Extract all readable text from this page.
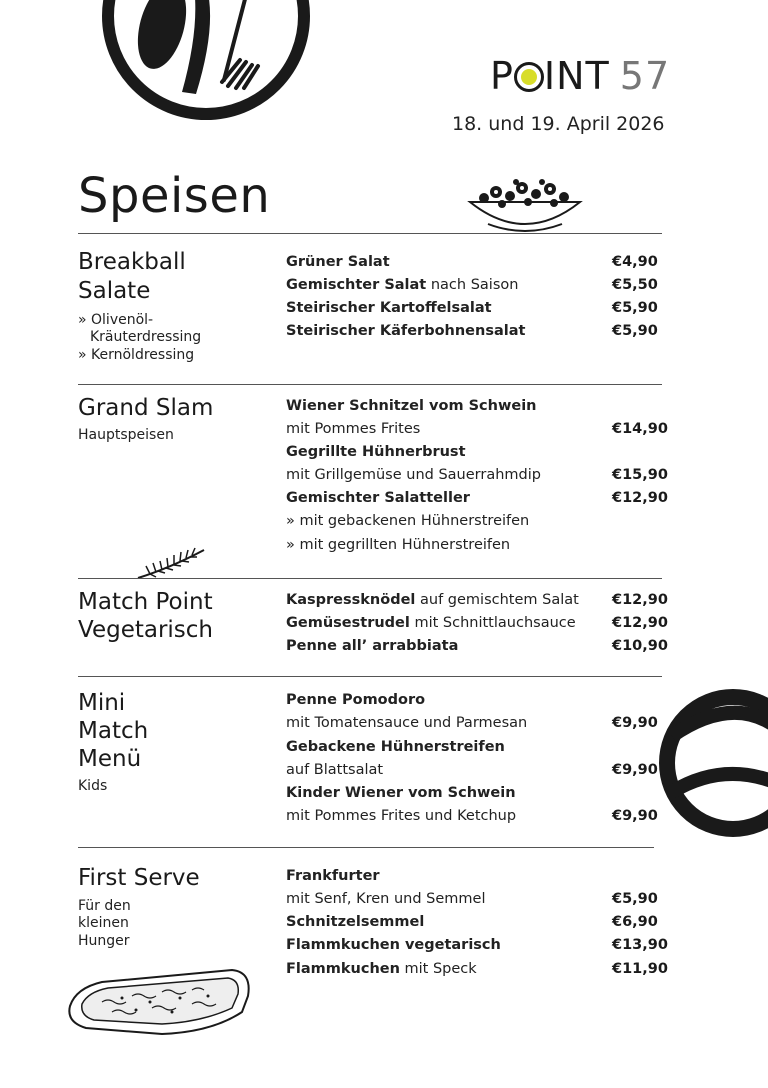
P INT 57
18. und 19. April 2026
Speisen
Breakball
Salate
» Olivenöl-
Kräuterdressing
» Kernöldressing
Grüner Salat	€4,90
Gemischter Salat nach Saison	€5,50
Steirischer Kartoffelsalat	€5,90
Steirischer Käferbohnensalat	€5,90
Grand Slam
Hauptspeisen
Wiener Schnitzel vom Schwein
mit Pommes Frites	€14,90
Gegrillte Hühnerbrust
mit Grillgemüse und Sauerrahmdip	€15,90
Gemischter Salatteller	€12,90
» mit gebackenen Hühnerstreifen
» mit gegrillten Hühnerstreifen
Match Point
Vegetarisch
Kaspressknödel auf gemischtem Salat €12,90
Gemüsestrudel mit Schnittlauchsauce	€12,90
Penne all’ arrabbiata	€10,90
Mini
Match
Menü
Kids
Penne Pomodoro
mit Tomatensauce und Parmesan	€9,90
Gebackene Hühnerstreifen
auf Blattsalat	€9,90
Kinder Wiener vom Schwein
mit Pommes Frites und Ketchup	€9,90
First Serve
Für den
kleinen
Hunger
Frankfurter
mit Senf, Kren und Semmel	€5,90
Schnitzelsemmel	€6,90
Flammkuchen vegetarisch	€13,90
Flammkuchen mit Speck	€11,90
